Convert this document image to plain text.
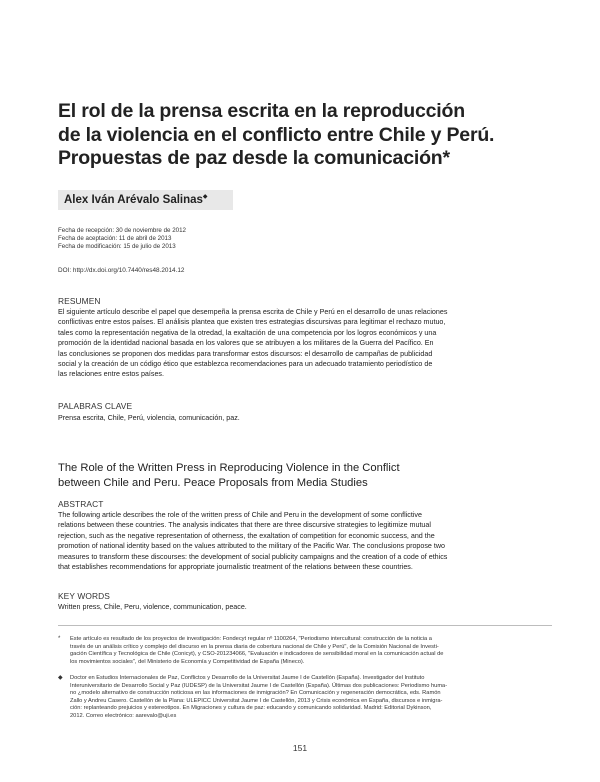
El rol de la prensa escrita en la reproducción
de la violencia en el conflicto entre Chile y Perú.
Propuestas de paz desde la comunicación*
Alex Iván Arévalo Salinas◆
Fecha de recepción: 30 de noviembre de 2012
Fecha de aceptación: 11 de abril de 2013
Fecha de modificación: 15 de julio de 2013
DOI: http://dx.doi.org/10.7440/res48.2014.12
RESUMEN
El siguiente artículo describe el papel que desempeña la prensa escrita de Chile y Perú en el desarrollo de unas relaciones
conflictivas entre estos países. El análisis plantea que existen tres estrategias discursivas para legitimar el rechazo mutuo,
tales como la representación negativa de la otredad, la exaltación de una competencia por los logros económicos y una
promoción de la identidad nacional basada en los valores que se atribuyen a los militares de la Guerra del Pacífico. En
las conclusiones se proponen dos medidas para transformar estos discursos: el desarrollo de campañas de publicidad
social y la creación de un código ético que establezca recomendaciones para un adecuado tratamiento periodístico de
las relaciones entre estos países.
PALABRAS CLAVE
Prensa escrita, Chile, Perú, violencia, comunicación, paz.
The Role of the Written Press in Reproducing Violence in the Conflict
between Chile and Peru. Peace Proposals from Media Studies
ABSTRACT
The following article describes the role of the written press of Chile and Peru in the development of some conflictive
relations between these countries. The analysis indicates that there are three discursive strategies to legitimize mutual
rejection, such as the negative representation of otherness, the exaltation of competition for economic success, and the
promotion of national identity based on the values attributed to the military of the Pacific War. The conclusions propose two
measures to transform these discourses: the development of social publicity campaigns and the creation of a code of ethics
that establishes recommendations for appropriate journalistic treatment of the relations between these countries.
KEY WORDS
Written press, Chile, Peru, violence, communication, peace.
* Este artículo es resultado de los proyectos de investigación: Fondecyt regular nº 1100264, "Periodismo intercultural: construcción de la noticia a
través de un análisis crítico y complejo del discurso en la prensa diaria de cobertura nacional de Chile y Perú", de la Comisión Nacional de Investi-
gación Científica y Tecnológica de Chile (Conicyt), y CSO-201234066, "Evaluación e indicadores de sensibilidad moral en la comunicación actual de
los movimientos sociales", del Ministerio de Economía y Competitividad de España (Mineco).
◆ Doctor en Estudios Internacionales de Paz, Conflictos y Desarrollo de la Universitat Jaume I de Castellón (España). Investigador del Instituto
Interuniversitario de Desarrollo Social y Paz (IUDESP) de la Universitat Jaume I de Castellón (España). Últimas dos publicaciones: Periodismo huma-
no ¿modelo alternativo de construcción noticiosa en las informaciones de inmigración? En Comunicación y regeneración democrática, eds. Ramón
Zallo y Andreu Casero. Castellón de la Plana: ULEPICC Universitat Jaume I de Castellón, 2013 y Crisis económica en España, discursos e inmigra-
ción: replanteando prejuicios y estereotipos. En Migraciones y cultura de paz: educando y comunicando solidaridad. Madrid: Editorial Dykinson,
2012. Correo electrónico: aarevalo@uji.es
151
